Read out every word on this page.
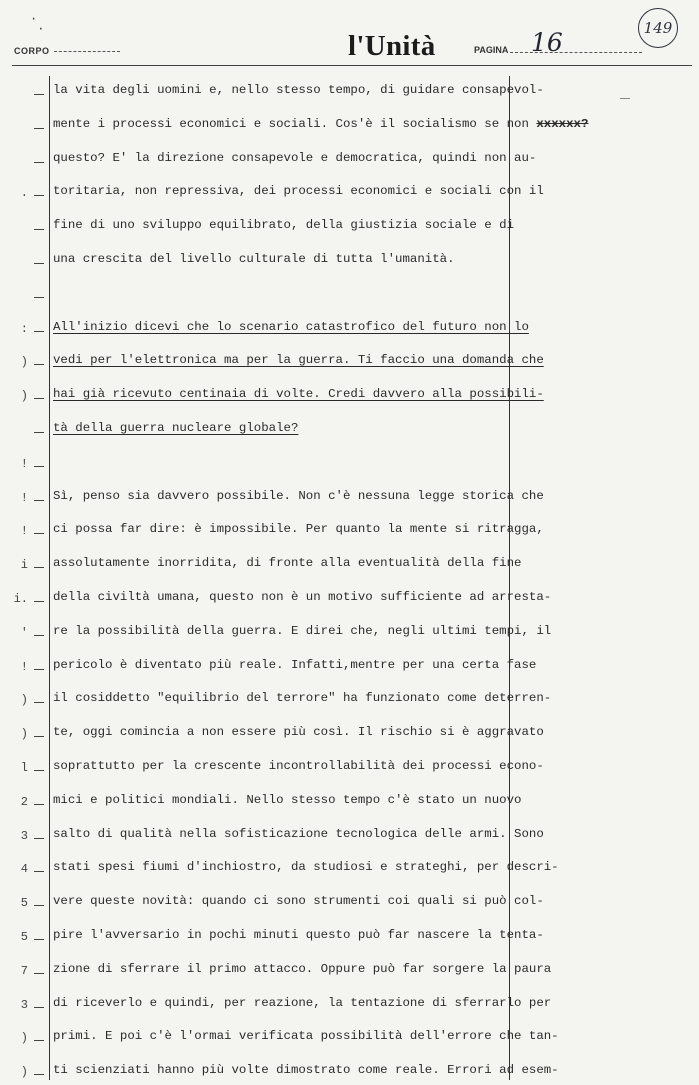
·
·
CORPO	l'Unità	PAGINA 16	149
.
:
)
)
!
!
!
i
i.
'
!
)
)
l
2
3
4
5
5
7
3
)
)
la vita degli uomini e, nello stesso tempo, di guidare consapevol-
mente i processi economici e sociali. Cos'è il socialismo se non xxxxxx?
questo? E' la direzione consapevole e democratica, quindi non au-
toritaria, non repressiva, dei processi economici e sociali con il
fine di uno sviluppo equilibrato, della giustizia sociale e di
una crescita del livello culturale di tutta l'umanità.
All'inizio dicevi che lo scenario catastrofico del futuro non lo
vedi per l'elettronica ma per la guerra. Ti faccio una domanda che
hai già ricevuto centinaia di volte. Credi davvero alla possibili-
tà della guerra nucleare globale?
Sì, penso sia davvero possibile. Non c'è nessuna legge storica che
ci possa far dire: è impossibile. Per quanto la mente si ritragga,
assolutamente inorridita, di fronte alla eventualità della fine
della civiltà umana, questo non è un motivo sufficiente ad arresta-
re la possibilità della guerra. E direi che, negli ultimi tempi, il
pericolo è diventato più reale. Infatti,mentre per una certa fase
il cosiddetto "equilibrio del terrore" ha funzionato come deterren-
te, oggi comincia a non essere più così. Il rischio si è aggravato
soprattutto per la crescente incontrollabilità dei processi econo-
mici e politici mondiali. Nello stesso tempo c'è stato un nuovo
salto di qualità nella sofisticazione tecnologica delle armi. Sono
stati spesi fiumi d'inchiostro, da studiosi e strateghi, per descri-
vere queste novità: quando ci sono strumenti coi quali si può col-
pire l'avversario in pochi minuti questo può far nascere la tenta-
zione di sferrare il primo attacco. Oppure può far sorgere la paura
di riceverlo e quindi, per reazione, la tentazione di sferrarlo per
primi. E poi c'è l'ormai verificata possibilità dell'errore che tan-
ti scienziati hanno più volte dimostrato come reale. Errori ad esem-
